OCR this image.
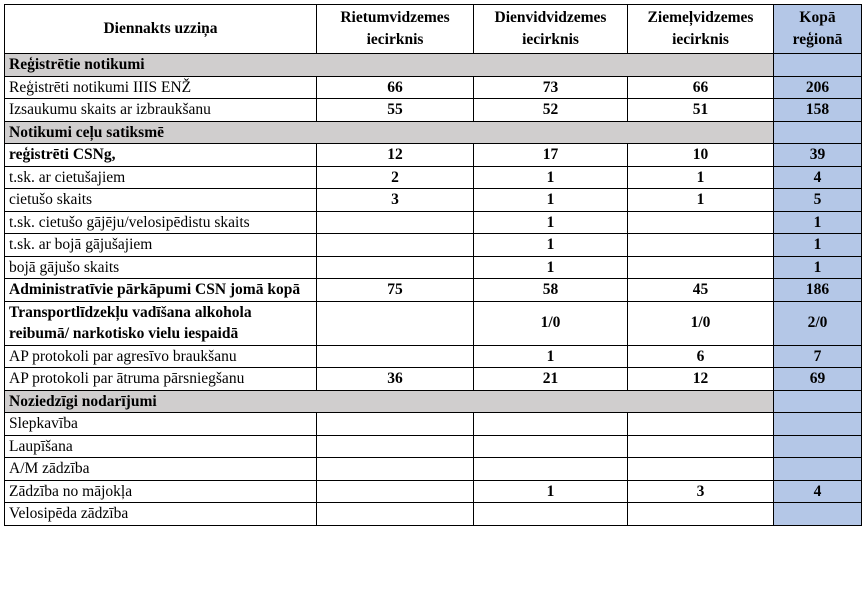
Diennakts uzziņa	Rietumvidzemes iecirknis	Dienvidvidzemes iecirknis	Ziemeļvidzemes iecirknis	Kopā reģionā
Reģistrētie notikumi				
Reģistrēti notikumi IIIS ENŽ	66	73	66	206
Izsaukumu skaits ar izbraukšanu	55	52	51	158
Notikumi ceļu satiksmē				
reģistrēti CSNg,	12	17	10	39
t.sk. ar cietušajiem	2	1	1	4
cietušo skaits	3	1	1	5
t.sk. cietušo gājēju/velosipēdistu skaits		1		1
t.sk. ar bojā gājušajiem		1		1
bojā gājušo skaits		1		1
Administratīvie pārkāpumi CSN jomā kopā	75	58	45	186
Transportlīdzekļu vadīšana alkohola reibumā/ narkotisko vielu iespaidā		1/0	1/0	2/0
AP protokoli par agresīvo braukšanu		1	6	7
AP protokoli par ātruma pārsniegšanu	36	21	12	69
Noziedzīgi nodarījumi				
Slepkavība				
Laupīšana				
A/M zādzība				
Zādzība no mājokļa		1	3	4
Velosipēda zādzība				
